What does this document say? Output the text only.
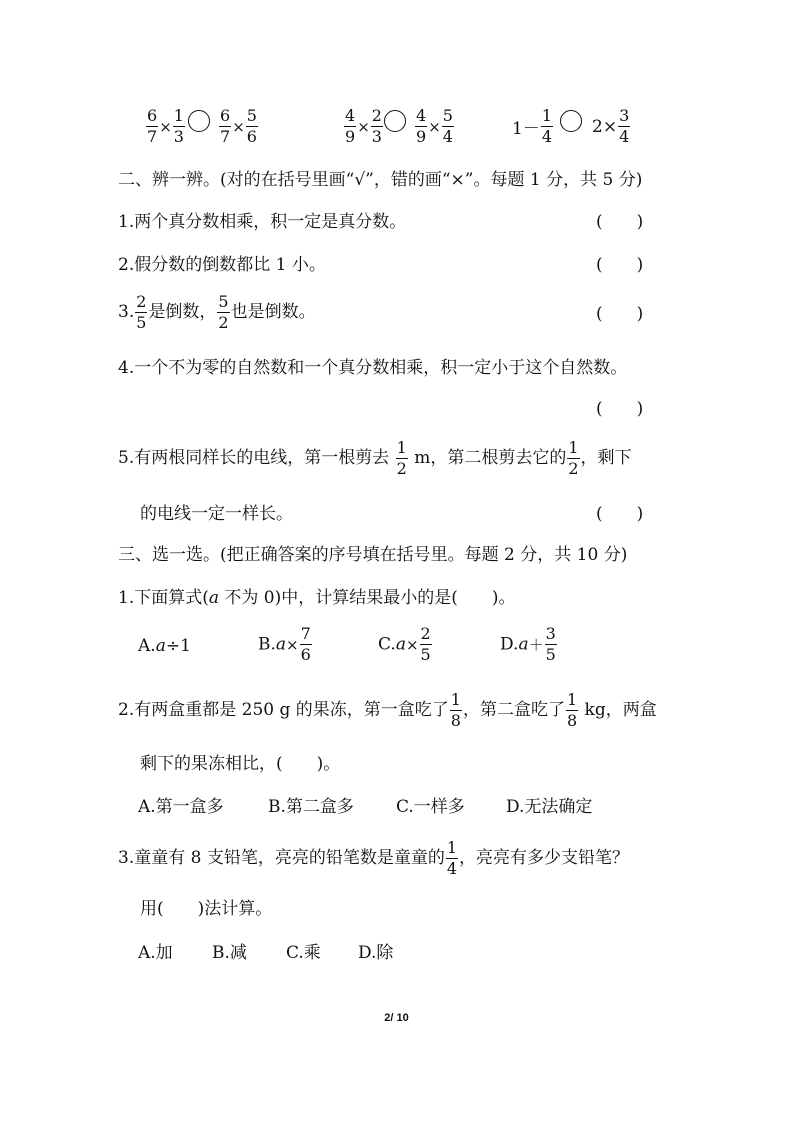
$\frac{6}{7} \times \frac{1}{3} \frac{6}{7} \times \frac{5}{6}$	$\frac{4}{9} \times \frac{2}{3} \frac{4}{9} \times \frac{5}{4}$	$1- \frac{1}{4} 2\times \frac{3}{4}$
二、辨一辨。(对的在括号里画“√”，错的画“×”。每题 1 分，共 5 分)
1.两个真分数相乘，积一定是真分数。	(　　)
2.假分数的倒数都比 1 小。	(　　)
3. $\frac{2}{5}$ 是倒数， $\frac{5}{2}$ 也是倒数。	(　　)
4.一个不为零的自然数和一个真分数相乘，积一定小于这个自然数。
(　　)
5.有两根同样长的电线，第一根剪去 $\frac{1}{2}$ m，第二根剪去它的 $\frac{1}{2}$ ，剩下
的电线一定一样长。	(　　)
三、选一选。(把正确答案的序号填在括号里。每题 2 分，共 10 分)
1.下面算式(a 不为 0)中，计算结果最小的是(　　)。
A.a÷1	$B.a\times \frac{7}{6}$	$C.a\times \frac{2}{5}$	$D.a+ \frac{3}{5}$
2.有两盒重都是 250 g 的果冻，第一盒吃了 $\frac{1}{8}$ ，第二盒吃了 $\frac{1}{8}$ kg，两盒
剩下的果冻相比，(　　)。
A.第一盒多	B.第二盒多 C.一样多 D.无法确定
3.童童有 8 支铅笔，亮亮的铅笔数是童童的 $\frac{1}{4}$ ，亮亮有多少支铅笔？
用(　　)法计算。
A.加 B.减 C.乘 D.除
2/ 10
